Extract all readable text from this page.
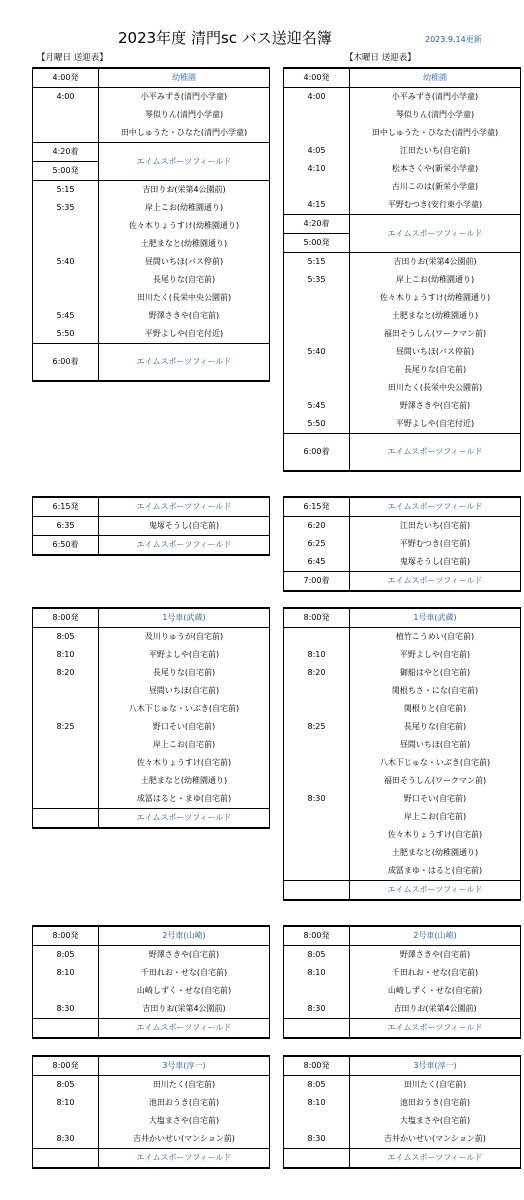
2023年度 清門sc バス送迎名簿	2023.9.14更新
【月曜日 送迎表】	【木曜日 送迎表】
4:00発	幼稚園
4:00	小平みずき(清門小学童)
	琴似りん(清門小学童)
	田中しゅうた・ひなた(清門小学童)
4:20着	エイムスポーツフィールド
5:00発	
5:15	吉田りお(栄第4公園前)
5:35	岸上こお(幼稚園通り)
	佐々木りょうすけ(幼稚園通り)
	土肥まなと(幼稚園通り)
5:40	昼間いちほ(バス停前)
	長尾りな(自宅前)
	田川たく(長栄中央公園前)
5:45	野澤さきや(自宅前)
5:50	平野よしや(自宅付近)
6:00着	エイムスポーツフィールド
4:00発	幼稚園
4:00	小平みずき(清門小学童)
	琴似りん(清門小学童)
	田中しゅうた・ひなた(清門小学童)
4:05	江田たいち(自宅前)
4:10	松本さくや(新栄小学童)
	古川このは(新栄小学童)
4:15	平野むつき(安行東小学童)
4:20着	エイムスポーツフィールド
5:00発	
5:15	吉田りお(栄第4公園前)
5:35	岸上こお(幼稚園通り)
	佐々木りょうすけ(幼稚園通り)
	土肥まなと(幼稚園通り)
	福田そうしん(ワークマン前)
5:40	昼間いちほ(バス停前)
	長尾りな(自宅前)
	田川たく(長栄中央公園前)
5:45	野澤さきや(自宅前)
5:50	平野よしや(自宅付近)
6:00着	エイムスポーツフィールド
6:15発	エイムスポーツフィールド
6:35	鬼塚そうし(自宅前)
6:50着	エイムスポーツフィールド
6:15発	エイムスポーツフィールド
6:20	江田たいち(自宅前)
6:25	平野むつき(自宅前)
6:45	鬼塚そうし(自宅前)
7:00着	エイムスポーツフィールド
8:00発	1号車(武蔵)
8:05	及川りゅうが(自宅前)
8:10	平野よしや(自宅前)
8:20	長尾りな(自宅前)
	昼間いちほ(自宅前)
	八木下じゅな・いぶき(自宅前)
8:25	野口そい(自宅前)
	岸上こお(自宅前)
	佐々木りょうすけ(自宅前)
	土肥まなと(幼稚園通り)
	成冨はると・まゆ(自宅前)
	エイムスポーツフィールド
8:00発	1号車(武蔵)
	植竹こうめい(自宅前)
8:10	平野よしや(自宅前)
8:20	御船はやと(自宅前)
	関根ちさ・にな(自宅前)
	関根りと(自宅前)
8:25	長尾りな(自宅前)
	昼間いちほ(自宅前)
	八木下じゅな・いぶき(自宅前)
	福田そうしん(ワークマン前)
8:30	野口そい(自宅前)
	岸上こお(自宅前)
	佐々木りょうすけ(自宅前)
	土肥まなと(幼稚園通り)
	成冨まゆ・はると(自宅前)
	エイムスポーツフィールド
8:00発	2号車(山崎)
8:05	野澤さきや(自宅前)
8:10	千田れお・せな(自宅前)
	山崎しずく・せな(自宅前)
8:30	吉田りお(栄第4公園前)
	エイムスポーツフィールド
8:00発	2号車(山崎)
8:05	野澤さきや(自宅前)
8:10	千田れお・せな(自宅前)
	山崎しずく・せな(自宅前)
8:30	吉田りお(栄第4公園前)
	エイムスポーツフィールド
8:00発	3号車(淳一)
8:05	田川たく(自宅前)
8:10	池田おうき(自宅前)
	大塩まさや(自宅前)
8:30	吉井かいせい(マンション前)
	エイムスポーツフィールド
8:00発	3号車(淳一)
8:05	田川たく(自宅前)
8:10	池田おうき(自宅前)
	大塩まさや(自宅前)
8:30	吉井かいせい(マンション前)
	エイムスポーツフィールド
